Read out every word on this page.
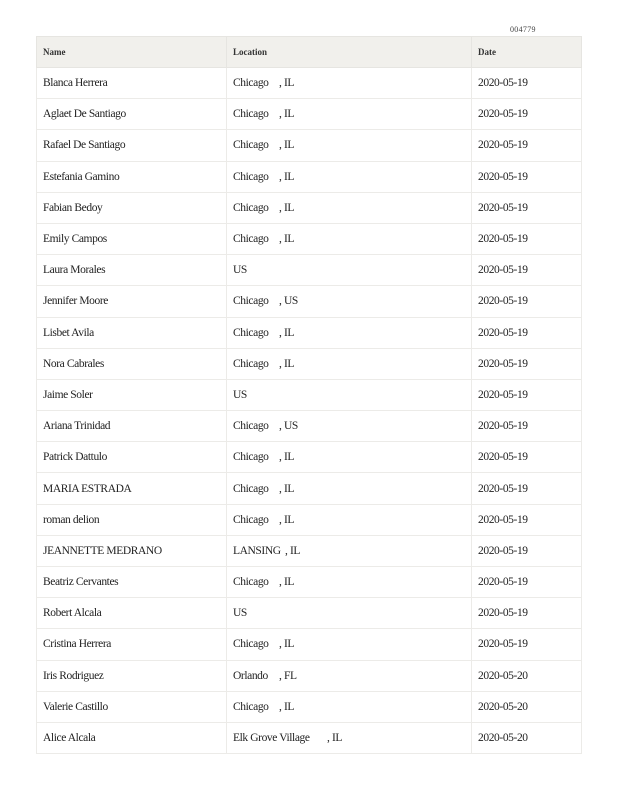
004779
Name	Location	Date
Blanca Herrera	Chicago , IL	2020-05-19
Aglaet De Santiago	Chicago , IL	2020-05-19
Rafael De Santiago	Chicago , IL	2020-05-19
Estefania Gamino	Chicago , IL	2020-05-19
Fabian Bedoy	Chicago , IL	2020-05-19
Emily Campos	Chicago , IL	2020-05-19
Laura Morales	US	2020-05-19
Jennifer Moore	Chicago , US	2020-05-19
Lisbet Avila	Chicago , IL	2020-05-19
Nora Cabrales	Chicago , IL	2020-05-19
Jaime Soler	US	2020-05-19
Ariana Trinidad	Chicago , US	2020-05-19
Patrick Dattulo	Chicago , IL	2020-05-19
MARIA ESTRADA	Chicago , IL	2020-05-19
roman delion	Chicago , IL	2020-05-19
JEANNETTE MEDRANO	LANSING , IL	2020-05-19
Beatriz Cervantes	Chicago , IL	2020-05-19
Robert Alcala	US	2020-05-19
Cristina Herrera	Chicago , IL	2020-05-19
Iris Rodriguez	Orlando , FL	2020-05-20
Valerie Castillo	Chicago , IL	2020-05-20
Alice Alcala	Elk Grove Village , IL	2020-05-20
